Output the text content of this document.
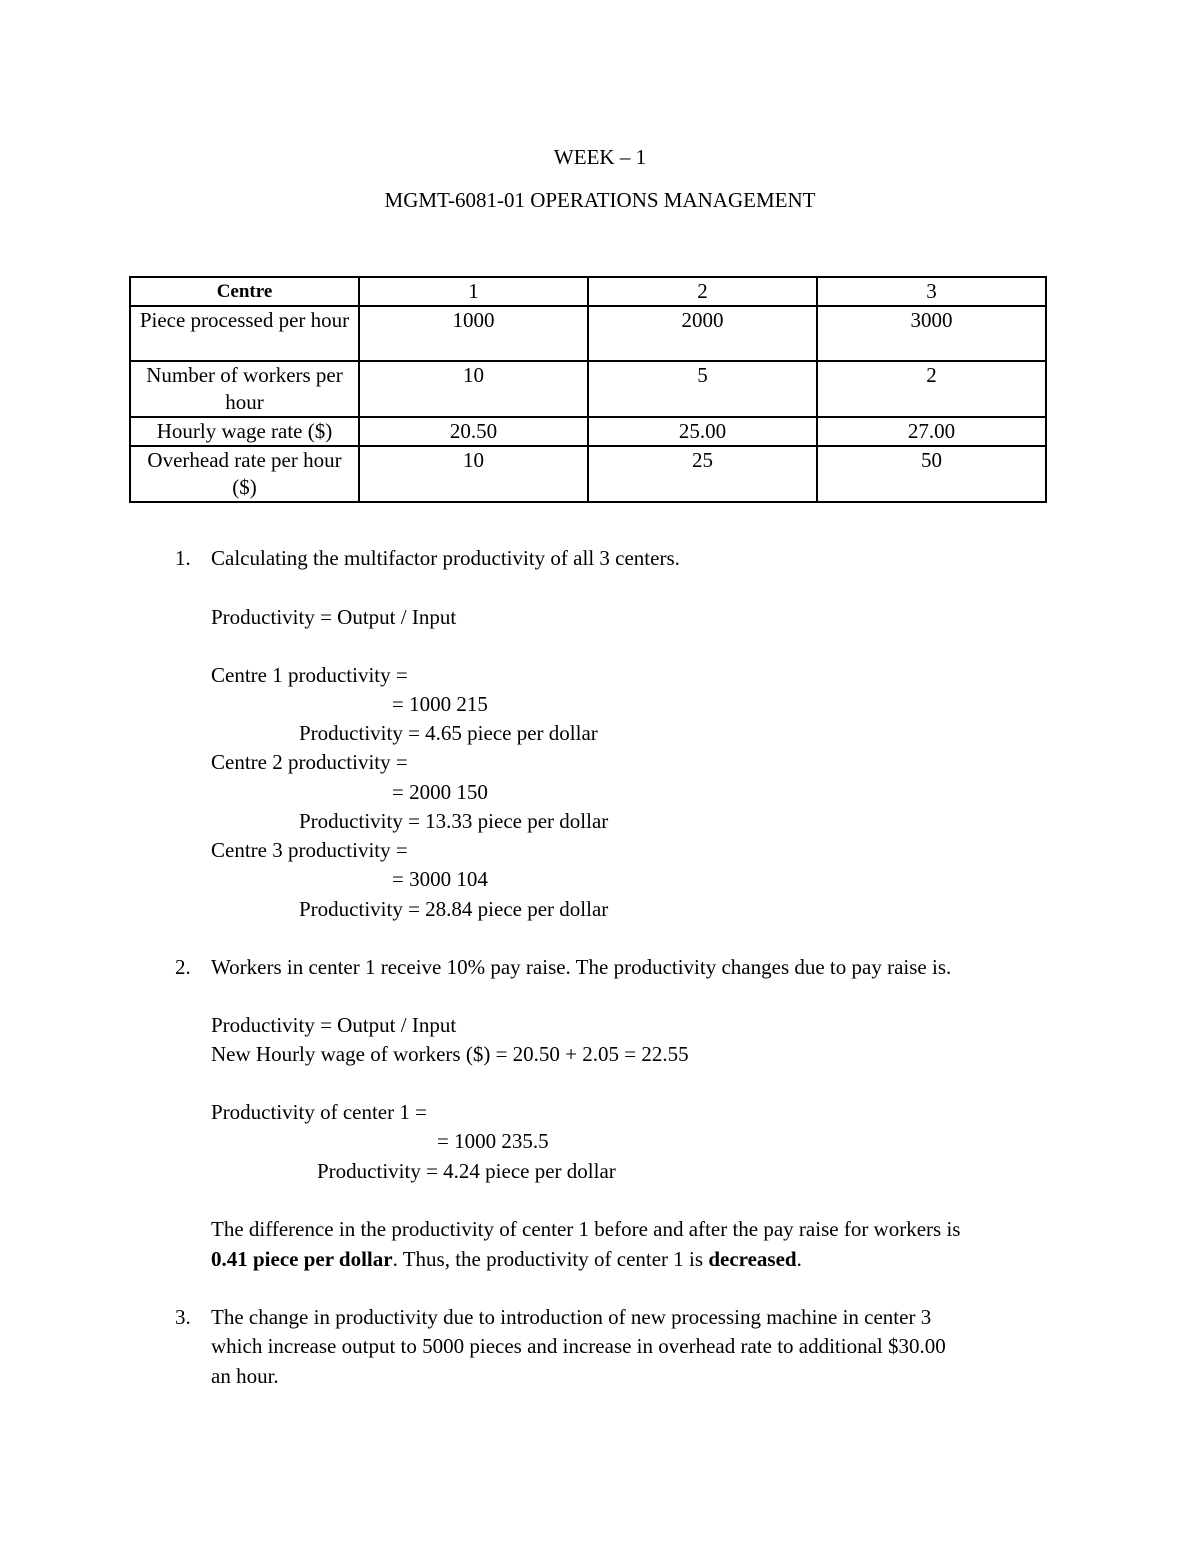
WEEK – 1
MGMT-6081-01 OPERATIONS MANAGEMENT
Centre	1	2	3
Piece processed per hour	1000	2000	3000
Number of workers per hour	10	5	2
Hourly wage rate ($)	20.50	25.00	27.00
Overhead rate per hour ($)	10	25	50
1. Calculating the multifactor productivity of all 3 centers.
Productivity = Output / Input
Centre 1 productivity =
= 1000 215
Productivity = 4.65 piece per dollar
Centre 2 productivity =
= 2000 150
Productivity = 13.33 piece per dollar
Centre 3 productivity =
= 3000 104
Productivity = 28.84 piece per dollar
2. Workers in center 1 receive 10% pay raise. The productivity changes due to pay raise is.
Productivity = Output / Input
New Hourly wage of workers ($) = 20.50 + 2.05 = 22.55
Productivity of center 1 =
= 1000 235.5
Productivity = 4.24 piece per dollar
The difference in the productivity of center 1 before and after the pay raise for workers is
0.41 piece per dollar. Thus, the productivity of center 1 is decreased.
3. The change in productivity due to introduction of new processing machine in center 3
which increase output to 5000 pieces and increase in overhead rate to additional $30.00
an hour.
